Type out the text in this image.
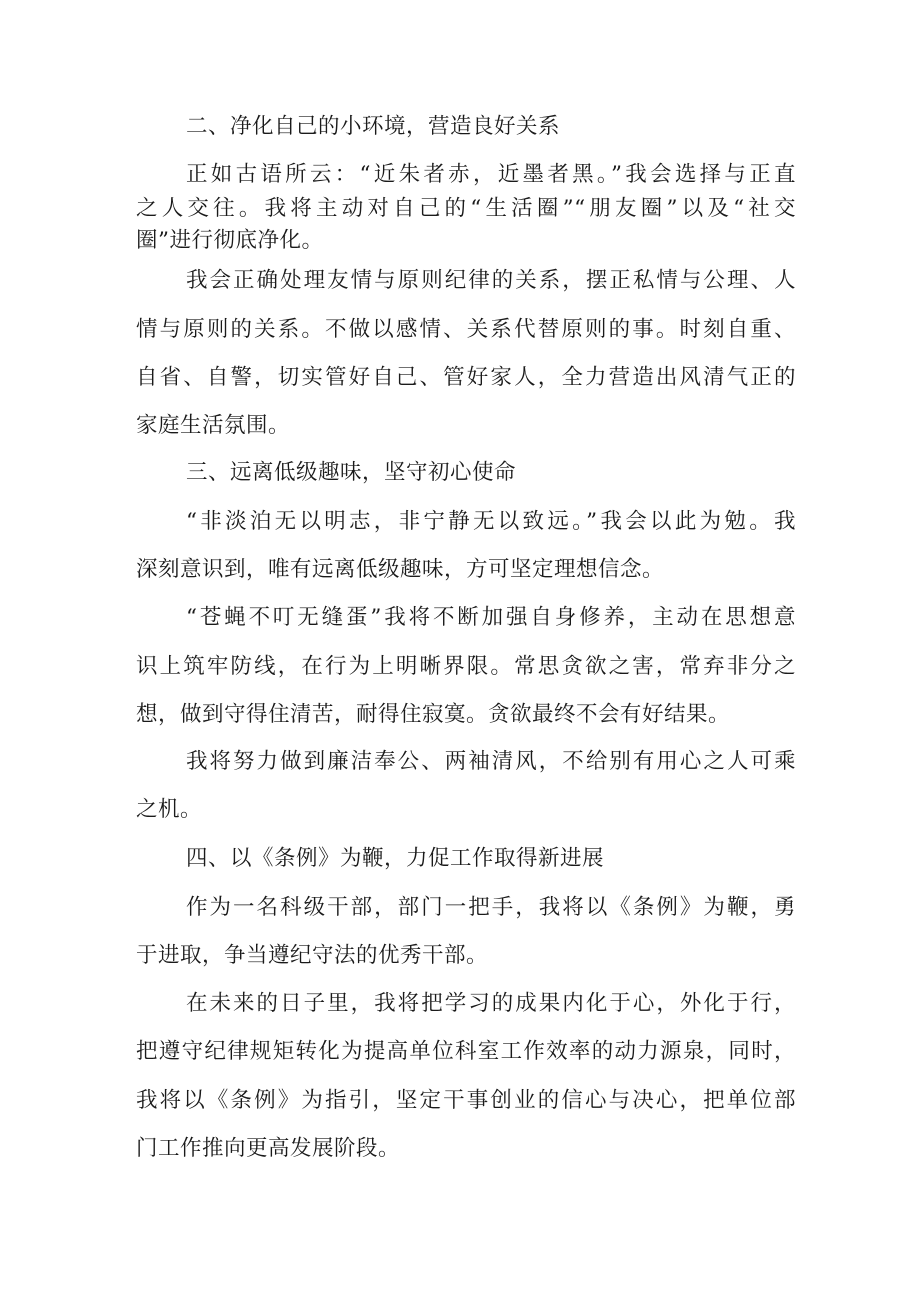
二、净化自己的小环境，营造良好关系
正如古语所云：“近朱者赤，近墨者黑。”我会选择与正直
之人交往。我将主动对自己的“生活圈”“朋友圈”以及“社交
圈”进行彻底净化。
我会正确处理友情与原则纪律的关系，摆正私情与公理、人
情与原则的关系。不做以感情、关系代替原则的事。时刻自重、
自省、自警，切实管好自己、管好家人，全力营造出风清气正的
家庭生活氛围。
三、远离低级趣味，坚守初心使命
“非淡泊无以明志，非宁静无以致远。”我会以此为勉。我
深刻意识到，唯有远离低级趣味，方可坚定理想信念。
“苍蝇不叮无缝蛋”我将不断加强自身修养，主动在思想意
识上筑牢防线，在行为上明晰界限。常思贪欲之害，常弃非分之
想，做到守得住清苦，耐得住寂寞。贪欲最终不会有好结果。
我将努力做到廉洁奉公、两袖清风，不给别有用心之人可乘
之机。
四、以《条例》为鞭，力促工作取得新进展
作为一名科级干部，部门一把手，我将以《条例》为鞭，勇
于进取，争当遵纪守法的优秀干部。
在未来的日子里，我将把学习的成果内化于心，外化于行，
把遵守纪律规矩转化为提高单位科室工作效率的动力源泉，同时，
我将以《条例》为指引，坚定干事创业的信心与决心，把单位部
门工作推向更高发展阶段。
